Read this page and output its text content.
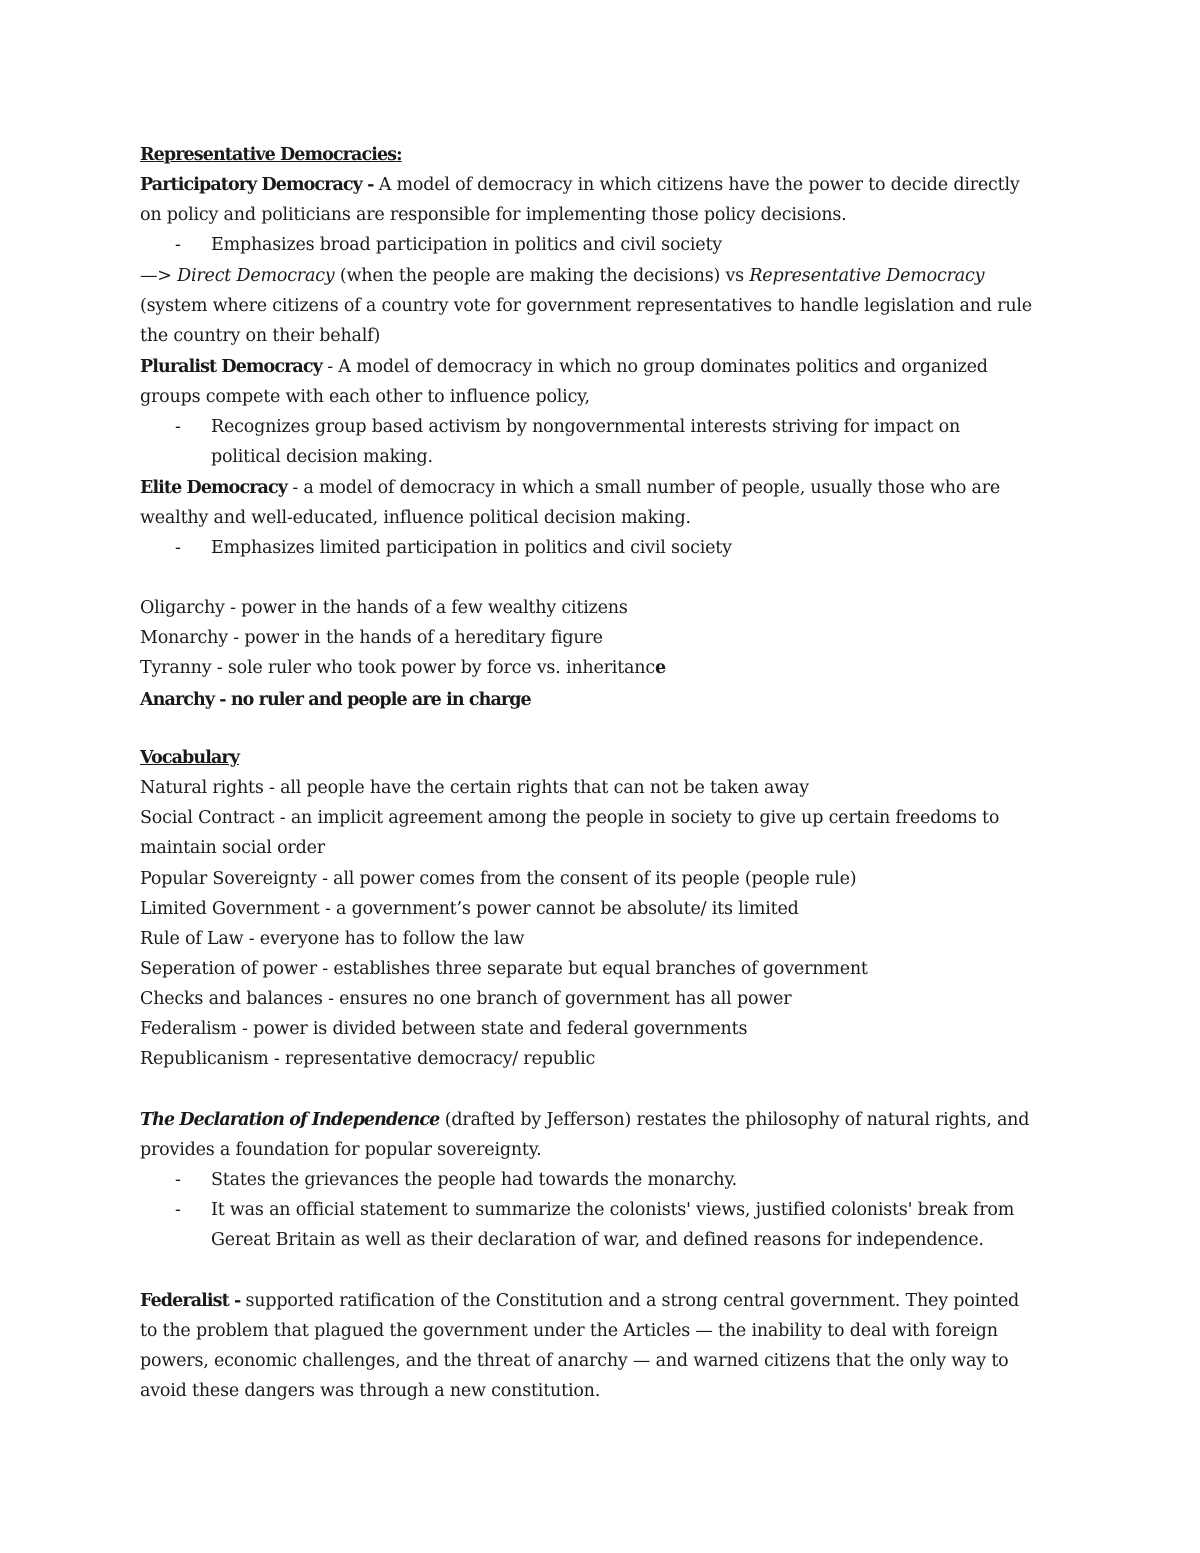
Representative Democracies:
Participatory Democracy - A model of democracy in which citizens have the power to decide directly
on policy and politicians are responsible for implementing those policy decisions.
- Emphasizes broad participation in politics and civil society
—> Direct Democracy (when the people are making the decisions) vs Representative Democracy
(system where citizens of a country vote for government representatives to handle legislation and rule
the country on their behalf)
Pluralist Democracy - A model of democracy in which no group dominates politics and organized
groups compete with each other to influence policy,
- Recognizes group based activism by nongovernmental interests striving for impact on
political decision making.
Elite Democracy - a model of democracy in which a small number of people, usually those who are
wealthy and well-educated, influence political decision making.
- Emphasizes limited participation in politics and civil society
Oligarchy - power in the hands of a few wealthy citizens
Monarchy - power in the hands of a hereditary figure
Tyranny - sole ruler who took power by force vs. inheritance
Anarchy - no ruler and people are in charge
Vocabulary
Natural rights - all people have the certain rights that can not be taken away
Social Contract - an implicit agreement among the people in society to give up certain freedoms to
maintain social order
Popular Sovereignty - all power comes from the consent of its people (people rule)
Limited Government - a government’s power cannot be absolute/ its limited
Rule of Law - everyone has to follow the law
Seperation of power - establishes three separate but equal branches of government
Checks and balances - ensures no one branch of government has all power
Federalism - power is divided between state and federal governments
Republicanism - representative democracy/ republic
The Declaration of Independence (drafted by Jefferson) restates the philosophy of natural rights, and
provides a foundation for popular sovereignty.
- States the grievances the people had towards the monarchy.
- It was an official statement to summarize the colonists' views, justified colonists' break from
Gereat Britain as well as their declaration of war, and defined reasons for independence.
Federalist - supported ratification of the Constitution and a strong central government. They pointed
to the problem that plagued the government under the Articles — the inability to deal with foreign
powers, economic challenges, and the threat of anarchy — and warned citizens that the only way to
avoid these dangers was through a new constitution.
